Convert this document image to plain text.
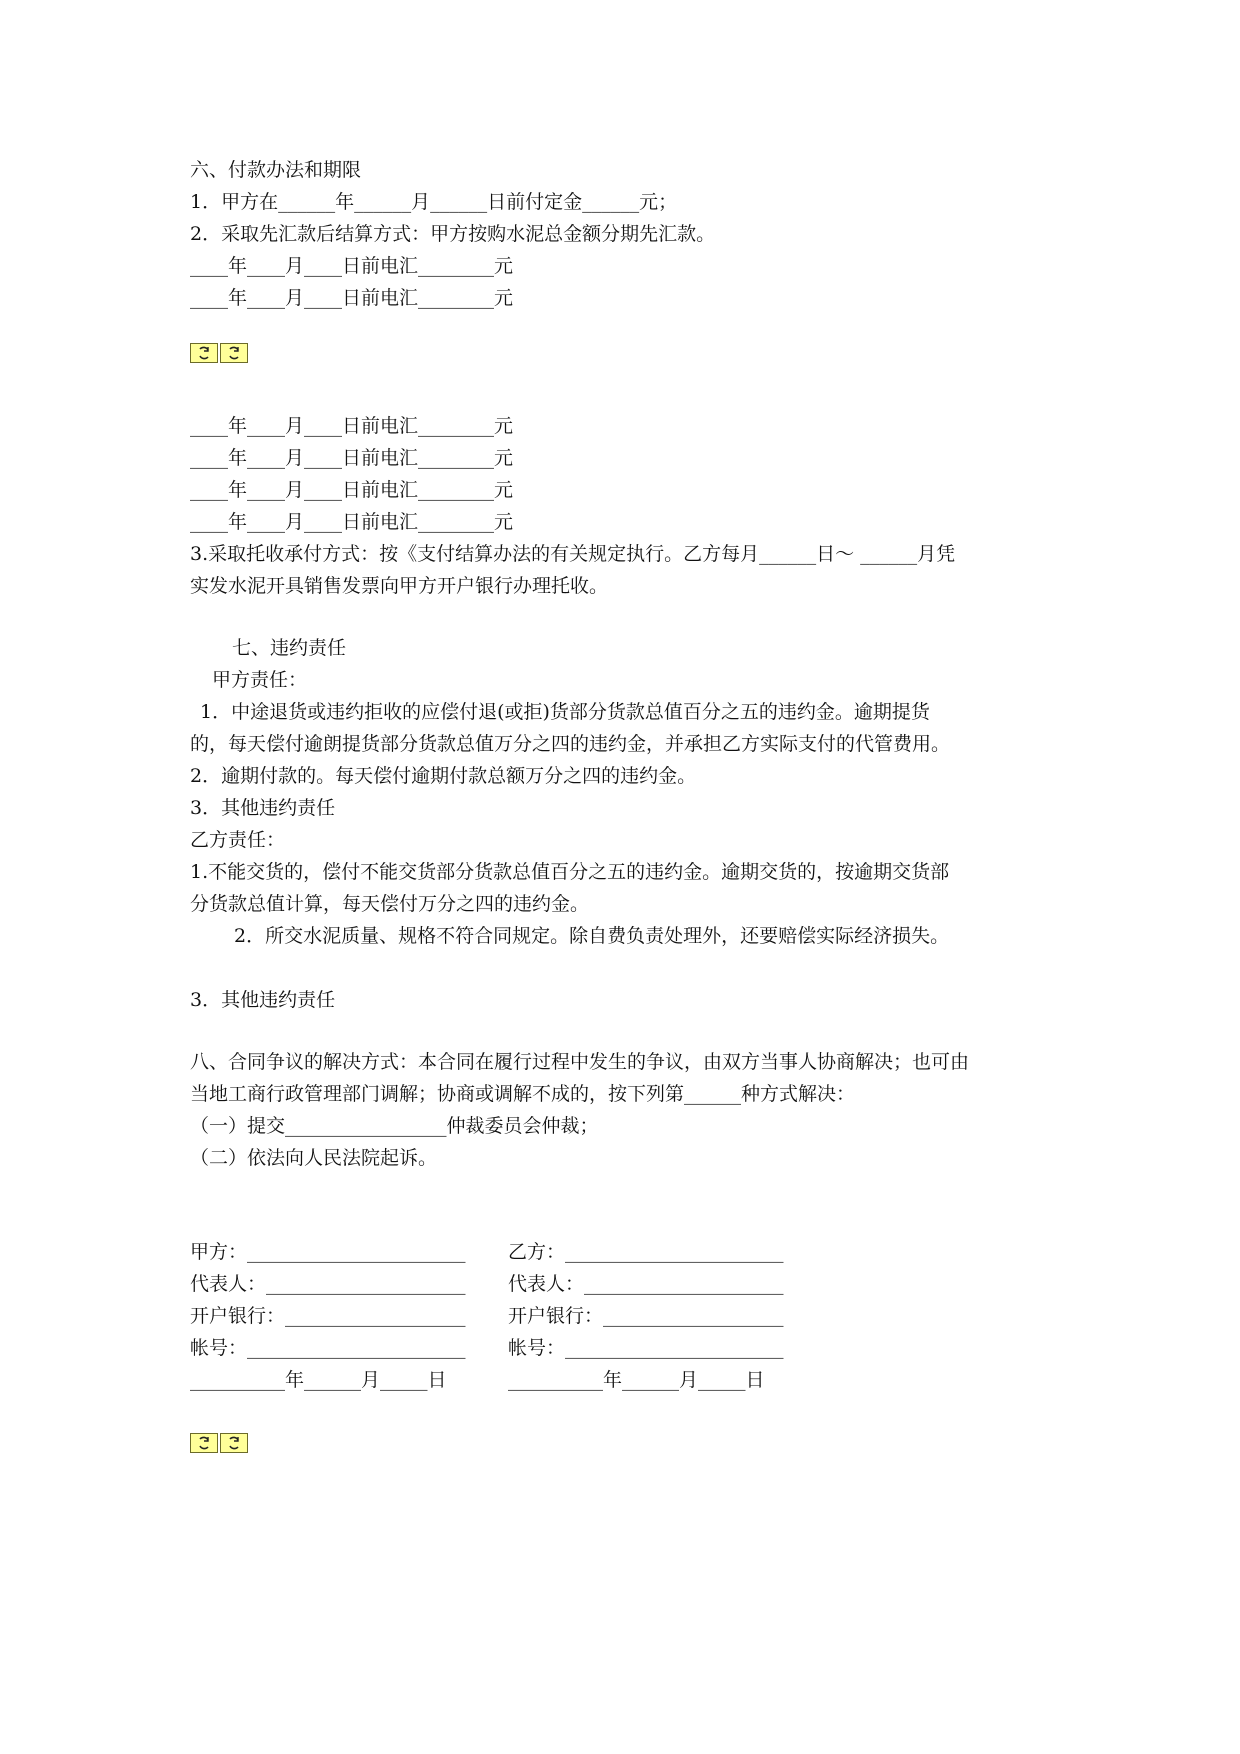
六、付款办法和期限
1．甲方在______年______月______日前付定金______元；
2．采取先汇款后结算方式：甲方按购水泥总金额分期先汇款。
____年____月____日前电汇________元
____年____月____日前电汇________元
____年____月____日前电汇________元
____年____月____日前电汇________元
____年____月____日前电汇________元
____年____月____日前电汇________元
3.采取托收承付方式：按《支付结算办法的有关规定执行。乙方每月______日～ ______月凭
实发水泥开具销售发票向甲方开户银行办理托收。
七、违约责任
甲方责任：
1．中途退货或违约拒收的应偿付退(或拒)货部分货款总值百分之五的违约金。逾期提货
的，每天偿付逾朗提货部分货款总值万分之四的违约金，并承担乙方实际支付的代管费用。
2．逾期付款的。每天偿付逾期付款总额万分之四的违约金。
3．其他违约责任
乙方责任：
1.不能交货的，偿付不能交货部分货款总值百分之五的违约金。逾期交货的，按逾期交货部
分货款总值计算，每天偿付万分之四的违约金。
2．所交水泥质量、规格不符合同规定。除自费负责处理外，还要赔偿实际经济损失。
3．其他违约责任
八、合同争议的解决方式：本合同在履行过程中发生的争议，由双方当事人协商解决；也可由
当地工商行政管理部门调解；协商或调解不成的，按下列第______种方式解决：
（一）提交_________________仲裁委员会仲裁；
（二）依法向人民法院起诉。
甲方：_______________________ 乙方：_______________________
代表人：_____________________ 代表人：_____________________
开户银行：___________________ 开户银行：___________________
帐号：_______________________ 帐号：_______________________
__________年______月_____日	__________年______月_____日
